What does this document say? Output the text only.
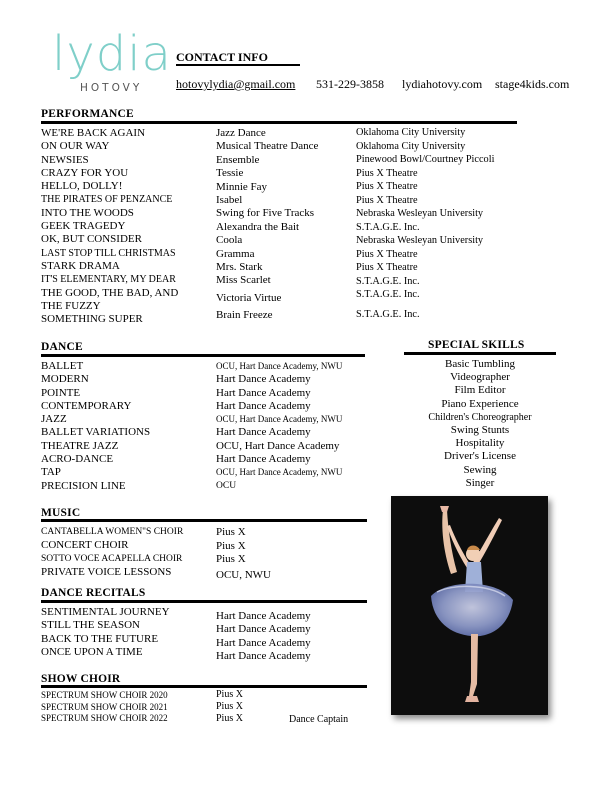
lydia
HOTOVY
CONTACT INFO
hotovylydia@gmail.com 531-229-3858 lydiahotovy.com stage4kids.com
PERFORMANCE
WE'RE BACK AGAIN
ON OUR WAY
NEWSIES
CRAZY FOR YOU
HELLO, DOLLY!
THE PIRATES OF PENZANCE
INTO THE WOODS
GEEK TRAGEDY
OK, BUT CONSIDER
LAST STOP TILL CHRISTMAS
STARK DRAMA
IT'S ELEMENTARY, MY DEAR
THE GOOD, THE BAD, AND
THE FUZZY
SOMETHING SUPER
Jazz Dance
Musical Theatre Dance
Ensemble
Tessie
Minnie Fay
Isabel
Swing for Five Tracks
Alexandra the Bait
Coola
Gramma
Mrs. Stark
Miss Scarlet
Victoria Virtue
Brain Freeze
Oklahoma City University
Oklahoma City University
Pinewood Bowl/Courtney Piccoli
Pius X Theatre
Pius X Theatre
Pius X Theatre
Nebraska Wesleyan University
S.T.A.G.E. Inc.
Nebraska Wesleyan University
Pius X Theatre
Pius X Theatre
S.T.A.G.E. Inc.
S.T.A.G.E. Inc.
S.T.A.G.E. Inc.
DANCE
BALLET
MODERN
POINTE
CONTEMPORARY
JAZZ
BALLET VARIATIONS
THEATRE JAZZ
ACRO-DANCE
TAP
PRECISION LINE
OCU, Hart Dance Academy, NWU
Hart Dance Academy
Hart Dance Academy
Hart Dance Academy
OCU, Hart Dance Academy, NWU
Hart Dance Academy
OCU, Hart Dance Academy
Hart Dance Academy
OCU, Hart Dance Academy, NWU
OCU
SPECIAL SKILLS
Basic Tumbling
Videographer
Film Editor
Piano Experience
Children's Choreographer
Swing Stunts
Hospitality
Driver's License
Sewing
Singer
MUSIC
CANTABELLA WOMEN"S CHOIR
CONCERT CHOIR
SOTTO VOCE ACAPELLA CHOIR
PRIVATE VOICE LESSONS
Pius X
Pius X
Pius X
OCU, NWU
DANCE RECITALS
SENTIMENTAL JOURNEY
STILL THE SEASON
BACK TO THE FUTURE
ONCE UPON A TIME
Hart Dance Academy
Hart Dance Academy
Hart Dance Academy
Hart Dance Academy
SHOW CHOIR
SPECTRUM SHOW CHOIR 2020
SPECTRUM SHOW CHOIR 2021
SPECTRUM SHOW CHOIR 2022
Pius X
Pius X
Pius X	Dance Captain
